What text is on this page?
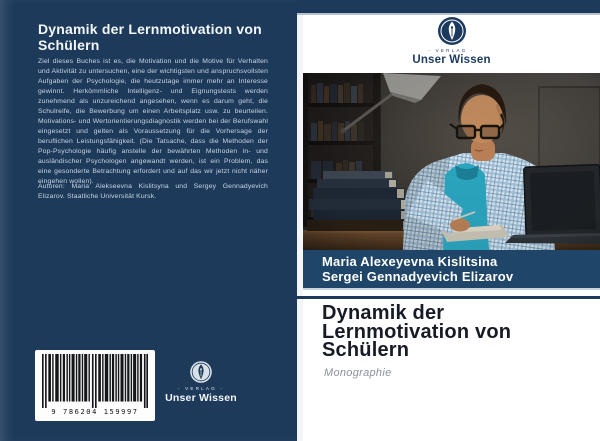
Dynamik der Lernmotivation von Schülern

Ziel dieses Buches ist es, die Motivation und die Motive für Verhalten und Aktivität zu untersuchen, eine der wichtigsten und anspruchsvollsten Aufgaben der Psychologie, die heutzutage immer mehr an Interesse gewinnt. Herkömmliche Intelligenz- und Eignungstests werden zunehmend als unzureichend angesehen, wenn es darum geht, die Schulreife, die Bewerbung um einen Arbeitsplatz usw. zu beurteilen. Motivations- und Wertorientierungsdiagnostik werden bei der Berufswahl eingesetzt und gelten als Voraussetzung für die Vorhersage der beruflichen Leistungsfähigkeit. (Die Tatsache, dass die Methoden der Pop-Psychologie häufig anstelle der bewährten Methoden in- und ausländischer Psychologen angewandt werden, ist ein Problem, das eine gesonderte Betrachtung erfordert und auf das wir jetzt nicht näher eingehen wollen).

Autoren: Maria Alekseevna Kislitsyna und Sergey Gennadyevich Elizarov. Staatliche Universität Kursk.

9 786204 159997
- VERLAG -
Unser Wissen
- VERLAG -
Unser Wissen
Maria Alexeyevna Kislitsina
Sergei Gennadyevich Elizarov
Dynamik der Lernmotivation von Schülern

Monographie
